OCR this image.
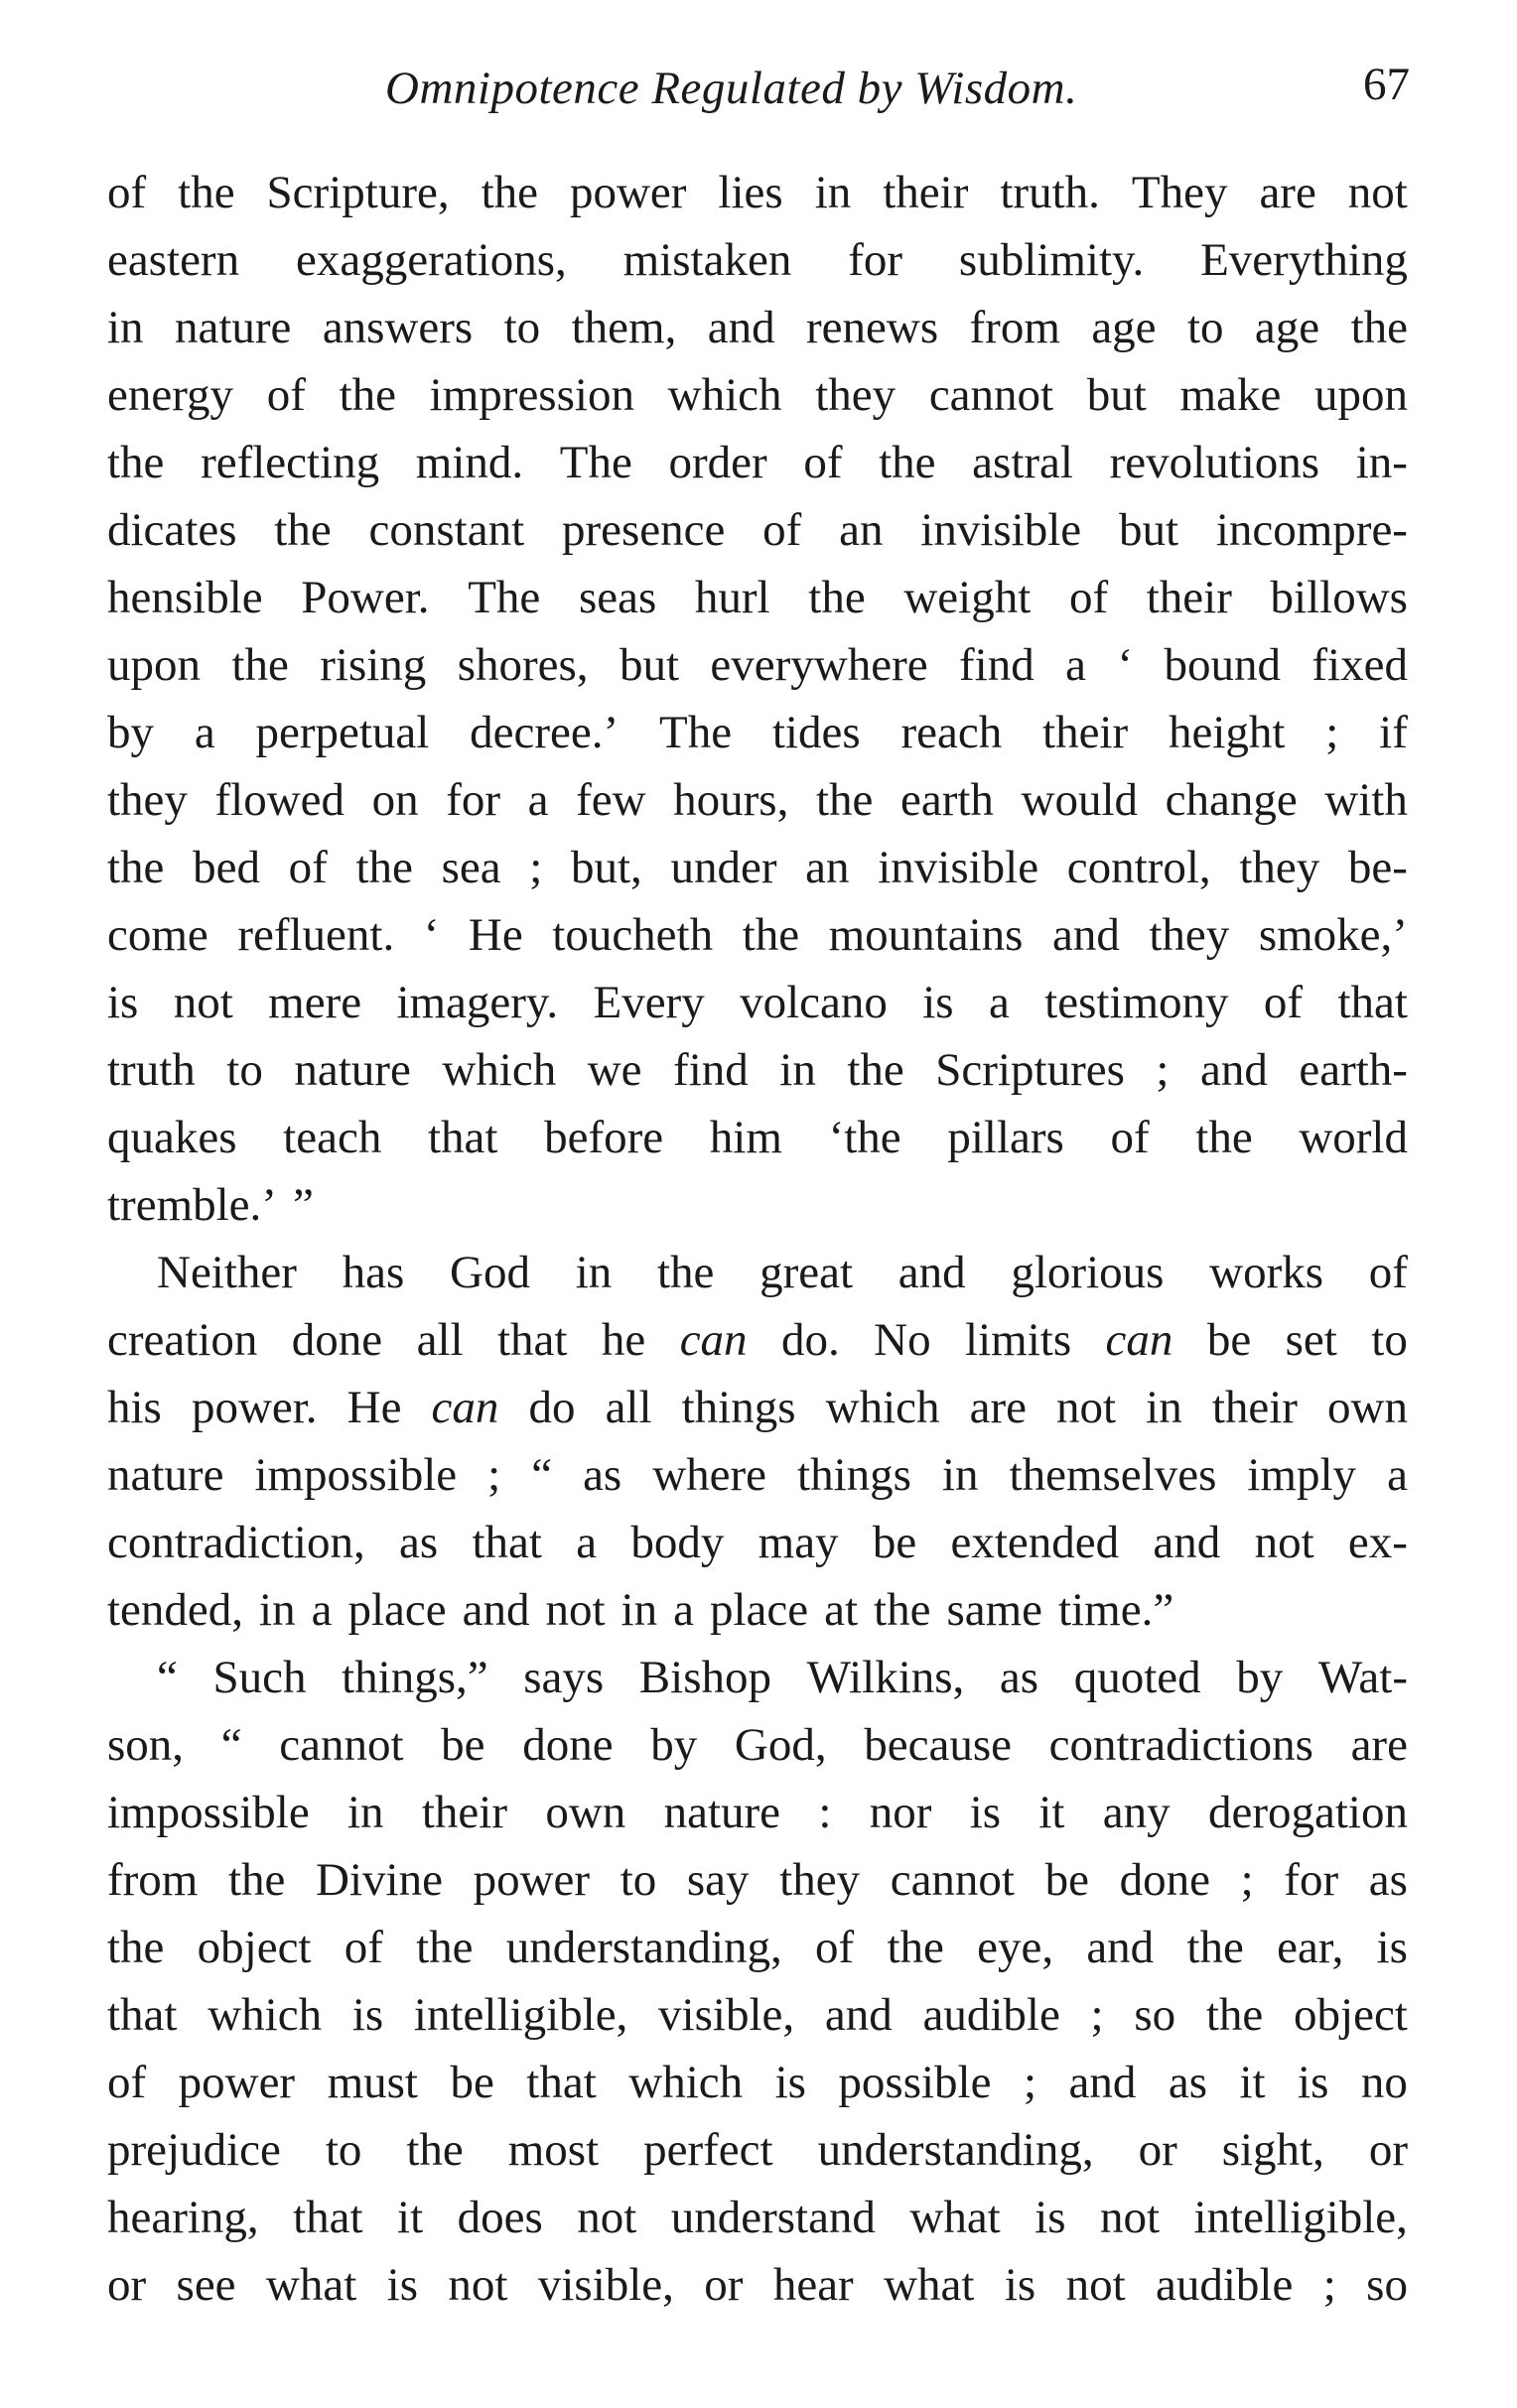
Omnipotence Regulated by Wisdom.	67
of the Scripture, the power lies in their truth. They are not
eastern exaggerations, mistaken for sublimity. Everything
in nature answers to them, and renews from age to age the
energy of the impression which they cannot but make upon
the reflecting mind. The order of the astral revolutions in-
dicates the constant presence of an invisible but incompre-
hensible Power. The seas hurl the weight of their billows
upon the rising shores, but everywhere find a ‘ bound fixed
by a perpetual decree.’ The tides reach their height ; if
they flowed on for a few hours, the earth would change with
the bed of the sea ; but, under an invisible control, they be-
come refluent. ‘ He toucheth the mountains and they smoke,’
is not mere imagery. Every volcano is a testimony of that
truth to nature which we find in the Scriptures ; and earth-
quakes teach that before him ‘the pillars of the world
tremble.’ ”
Neither has God in the great and glorious works of
creation done all that he can do. No limits can be set to
his power. He can do all things which are not in their own
nature impossible ; “ as where things in themselves imply a
contradiction, as that a body may be extended and not ex-
tended, in a place and not in a place at the same time.”
“ Such things,” says Bishop Wilkins, as quoted by Wat-
son, “ cannot be done by God, because contradictions are
impossible in their own nature : nor is it any derogation
from the Divine power to say they cannot be done ; for as
the object of the understanding, of the eye, and the ear, is
that which is intelligible, visible, and audible ; so the object
of power must be that which is possible ; and as it is no
prejudice to the most perfect understanding, or sight, or
hearing, that it does not understand what is not intelligible,
or see what is not visible, or hear what is not audible ; so
